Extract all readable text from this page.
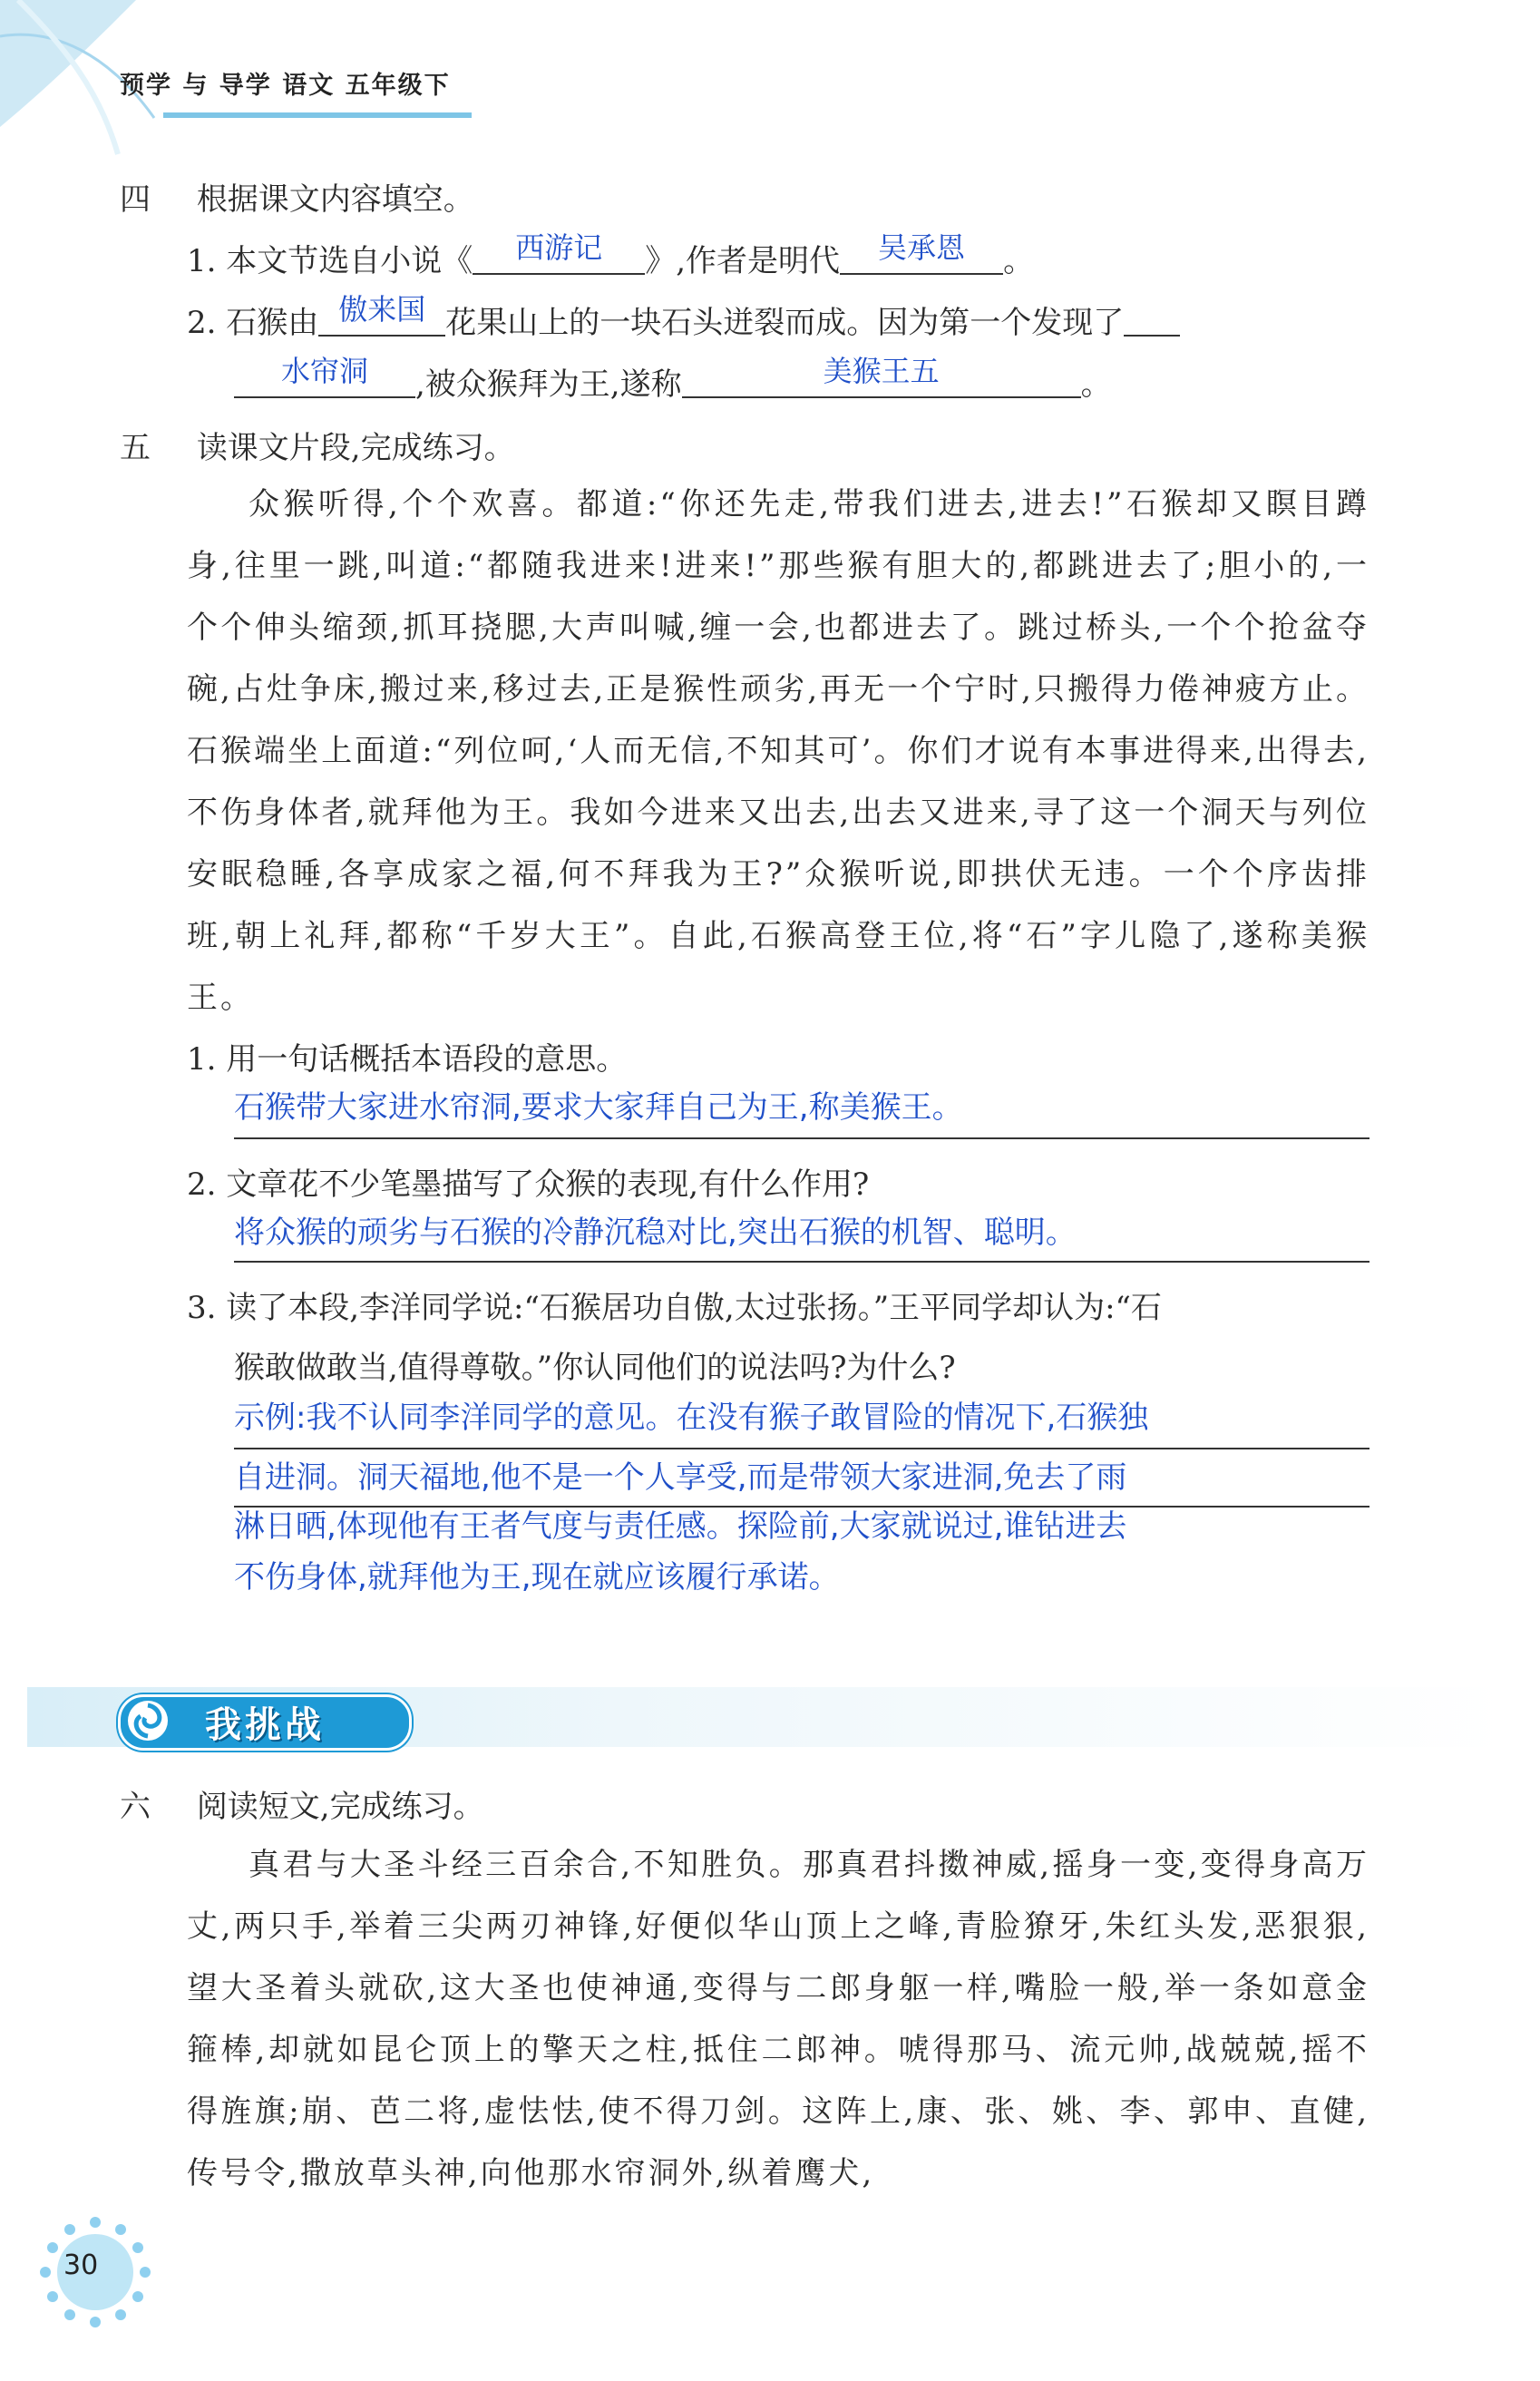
预学 与 导学 语文 五年级下
四 根据课文内容填空。
1. 本文节选自小说《	西游记	》,作者是明代	吴承恩	。
2. 石猴由 傲来国 花果山上的一块石头迸裂而成。因为第一个发现了
水帘洞	,被众猴拜为王,遂称	美猴王五	。
五 读课文片段,完成练习。
众猴听得,个个欢喜。都道:“你还先走,带我们进去,进去!”石猴却又瞑目蹲身,往里一跳,叫道:“都随我进来!进来!”那些猴有胆大的,都跳进去了;胆小的,一个个伸头缩颈,抓耳挠腮,大声叫喊,缠一会,也都进去了。跳过桥头,一个个抢盆夺碗,占灶争床,搬过来,移过去,正是猴性顽劣,再无一个宁时,只搬得力倦神疲方止。石猴端坐上面道:“列位呵,‘人而无信,不知其可’。你们才说有本事进得来,出得去,不伤身体者,就拜他为王。我如今进来又出去,出去又进来,寻了这一个洞天与列位安眠稳睡,各享成家之福,何不拜我为王?”众猴听说,即拱伏无违。一个个序齿排班,朝上礼拜,都称“千岁大王”。自此,石猴高登王位,将“石”字儿隐了,遂称美猴王。
1. 用一句话概括本语段的意思。
石猴带大家进水帘洞,要求大家拜自己为王,称美猴王。
2. 文章花不少笔墨描写了众猴的表现,有什么作用?
将众猴的顽劣与石猴的冷静沉稳对比,突出石猴的机智、聪明。
3. 读了本段,李洋同学说:“石猴居功自傲,太过张扬。”王平同学却认为:“石
猴敢做敢当,值得尊敬。”你认同他们的说法吗?为什么?
示例:我不认同李洋同学的意见。在没有猴子敢冒险的情况下,石猴独
自进洞。洞天福地,他不是一个人享受,而是带领大家进洞,免去了雨
淋日晒,体现他有王者气度与责任感。探险前,大家就说过,谁钻进去
不伤身体,就拜他为王,现在就应该履行承诺。
我挑战
六 阅读短文,完成练习。
真君与大圣斗经三百余合,不知胜负。那真君抖擞神威,摇身一变,变得身高万丈,两只手,举着三尖两刃神锋,好便似华山顶上之峰,青脸獠牙,朱红头发,恶狠狠,望大圣着头就砍,这大圣也使神通,变得与二郎身躯一样,嘴脸一般,举一条如意金箍棒,却就如昆仑顶上的擎天之柱,抵住二郎神。唬得那马、流元帅,战兢兢,摇不得旌旗;崩、芭二将,虚怯怯,使不得刀剑。这阵上,康、张、姚、李、郭申、直健,传号令,撒放草头神,向他那水帘洞外,纵着鹰犬,
30
